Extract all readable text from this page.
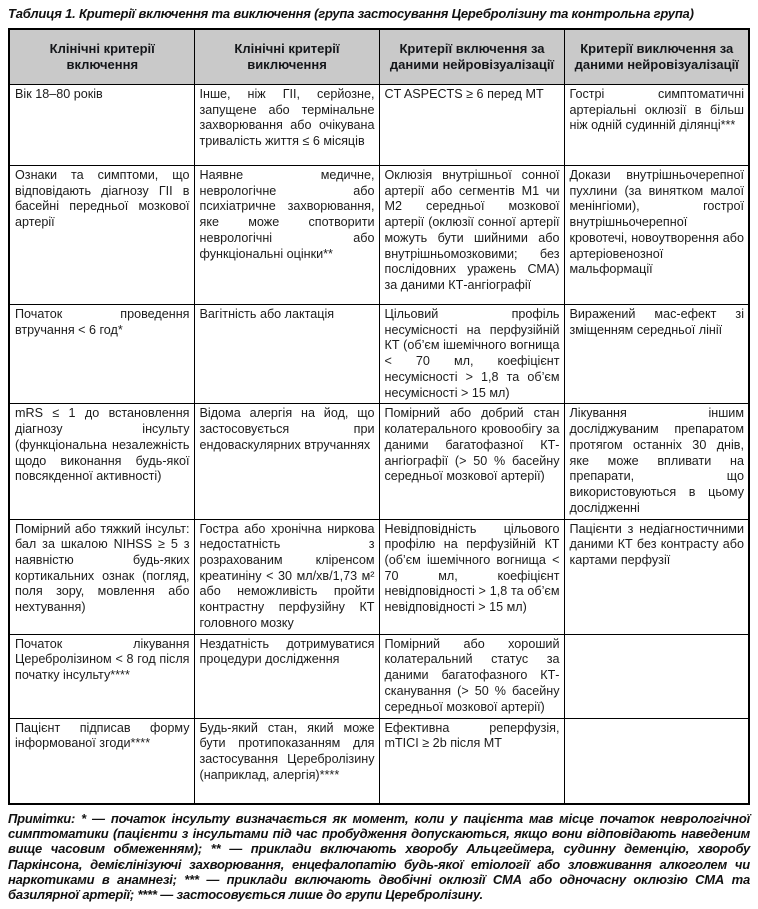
Таблиця 1. Критерії включення та виключення (група застосування Церебролізину та контрольна група)
Клінічні критерії включення	Клінічні критерії виключення	Критерії включення за даними нейровізуалізації	Критерії виключення за даними нейровізуалізації
Вік 18–80 років	Інше, ніж ГІІ, серйозне, запущене або термінальне захворювання або очікувана тривалість життя ≤ 6 місяців	CT ASPECTS ≥ 6 перед МТ	Гострі симптоматичні артеріальні оклюзії в більш ніж одній судинній ділянці***
Ознаки та симптоми, що відповідають діагнозу ГІІ в басейні передньої мозкової артерії	Наявне медичне, неврологічне або психіатричне захворювання, яке може спотворити неврологічні або функціональні оцінки**	Оклюзія внутрішньої сонної артерії або сегментів М1 чи М2 середньої мозкової артерії (оклюзії сонної артерії можуть бути шийними або внутрішньомозковими; без послідовних уражень СМА) за даними КТ-ангіографії	Докази внутрішньочерепної пухлини (за винятком малої менінгіоми), гострої внутрішньочерепної кровотечі, новоутворення або артеріовенозної мальформації
Початок проведення втручання < 6 год*	Вагітність або лактація	Цільовий профіль несумісності на перфузійній КТ (об’єм ішемічного вогнища < 70 мл, коефіцієнт несумісності > 1,8 та об’єм несумісності > 15 мл)	Виражений мас-ефект зі зміщенням середньої лінії
mRS ≤ 1 до встановлення діагнозу інсульту (функціональна незалежність щодо виконання будь-якої повсякденної активності)	Відома алергія на йод, що застосовується при ендоваскулярних втручаннях	Помірний або добрий стан колатерального кровообігу за даними багатофазної КТ-ангіографії (> 50 % басейну середньої мозкової артерії)	Лікування іншим досліджуваним препаратом протягом останніх 30 днів, яке може впливати на препарати, що використовуються в цьому дослідженні
Помірний або тяжкий інсульт: бал за шкалою NIHSS ≥ 5 з наявністю будь-яких кортикальних ознак (погляд, поля зору, мовлення або нехтування)	Гостра або хронічна ниркова недостатність з розрахованим кліренсом креатиніну < 30 мл/хв/1,73 м² або неможливість пройти контрастну перфузійну КТ головного мозку	Невідповідність цільового профілю на перфузійній КТ (об’єм ішемічного вогнища < 70 мл, коефіцієнт невідповідності > 1,8 та об’єм невідповідності > 15 мл)	Пацієнти з недіагностичними даними КТ без контрасту або картами перфузії
Початок лікування Церебролізином < 8 год після початку інсульту****	Нездатність дотримуватися процедури дослідження	Помірний або хороший колатеральний статус за даними багатофазного КТ-сканування (> 50 % басейну середньої мозкової артерії)	
Пацієнт підписав форму інформованої згоди****	Будь-який стан, який може бути протипоказанням для застосування Церебролізину (наприклад, алергія)****	Ефективна реперфузія, mTICI ≥ 2b після МТ	
Примітки: * — початок інсульту визначається як момент, коли у пацієнта мав місце початок неврологічної симптоматики (пацієнти з інсультами під час пробудження допускаються, якщо вони відповідають наведеним вище часовим обмеженням); ** — приклади включають хворобу Альцгеймера, судинну деменцію, хворобу Паркінсона, демієлінізуючі захворювання, енцефалопатію будь-якої етіології або зловживання алкоголем чи наркотиками в анамнезі; *** — приклади включають двобічні оклюзії СМА або одночасну оклюзію СМА та базилярної артерії; **** — застосовується лише до групи Церебролізину.
